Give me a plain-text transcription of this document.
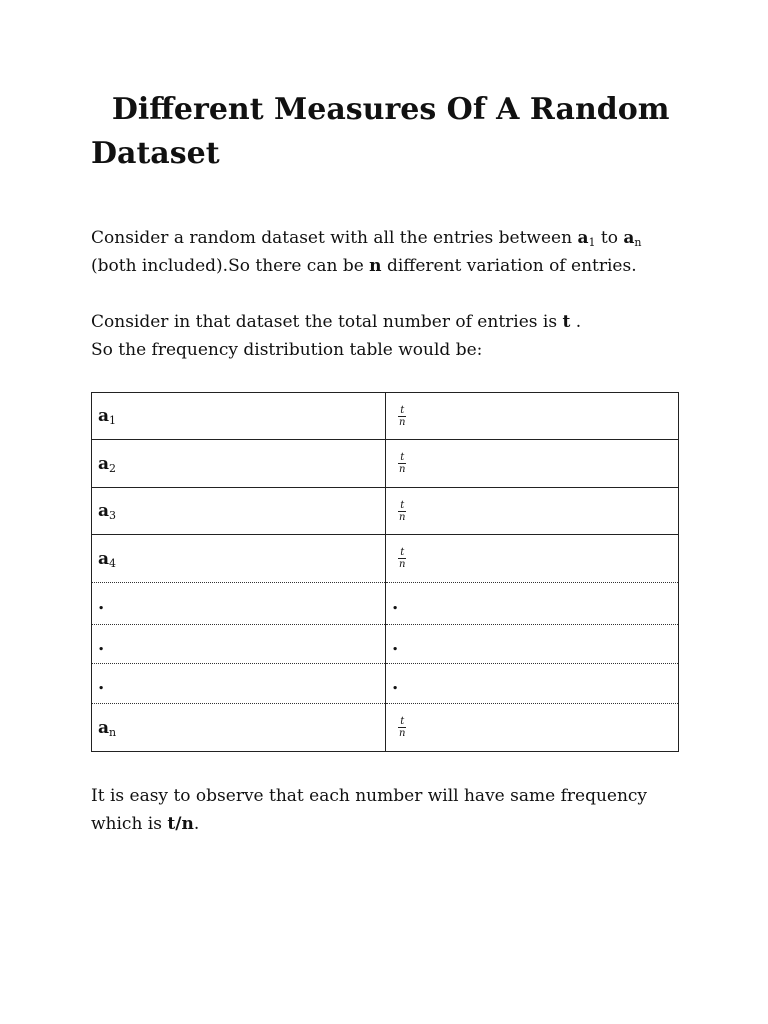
Different Measures Of A Random Dataset

Consider a random dataset with all the entries between $a_1$ to $a_n$ (both included).So there can be n different variation of entries.

Consider in that dataset the total number of entries is t .
So the frequency distribution table would be:

$a_1$	$\frac{t}{n}$

$a_2$	$\frac{t}{n}$

$a_3$	$\frac{t}{n}$

$a_4$	$\frac{t}{n}$

.	.
.	.
.	.
$a_n$	$\frac{t}{n}$

It is easy to observe that each number will have same frequency which is t/n.
